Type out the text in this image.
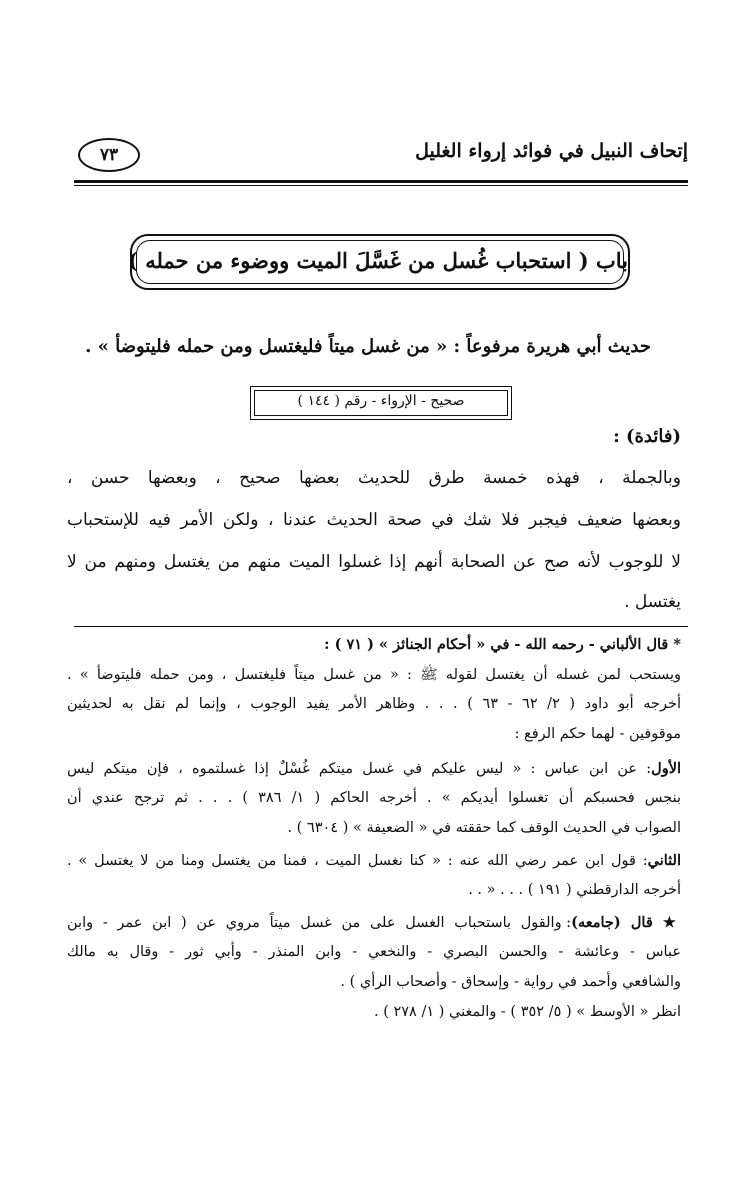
إتحاف النبيل في فوائد إرواء الغليل
٧٣
باب ( استحباب غُسل من غَسَّلَ الميت ووضوء من حمله )
حديث أبي هريرة مرفوعاً : « من غسل ميتاً فليغتسل ومن حمله فليتوضأ » .
صحيح - الإرواء - رقم ( ١٤٤ )
(فائدة) :
وبالجملة ، فهذه خمسة طرق للحديث بعضها صحيح ، وبعضها حسن ،
وبعضها ضعيف فيجبر فلا شك في صحة الحديث عندنا ، ولكن الأمر فيه للإستحباب
لا للوجوب لأنه صح عن الصحابة أنهم إذا غسلوا الميت منهم من يغتسل ومنهم من لا
يغتسل .
* قال الألباني - رحمه الله - في « أحكام الجنائز » ( ٧١ ) :
ويستحب لمن غسله أن يغتسل لقوله ﷺ : « من غسل ميتاً فليغتسل ، ومن حمله فليتوضأ » .
أخرجه أبو داود ( ٢/ ٦٢ - ٦٣ ) . . . وظاهر الأمر يفيد الوجوب ، وإنما لم نقل به لحديثين
موقوفين - لهما حكم الرفع :
الأول: عن ابن عباس : « ليس عليكم في غسل ميتكم غُسْلٌ إذا غسلتموه ، فإن ميتكم ليس
بنجس فحسبكم أن تغسلوا أيديكم » . أخرجه الحاكم ( ١/ ٣٨٦ ) . . . ثم ترجح عندي أن
الصواب في الحديث الوقف كما حققته في « الضعيفة » ( ٦٣٠٤ ) .
الثاني: قول ابن عمر رضي الله عنه : « كنا نغسل الميت ، فمنا من يغتسل ومنا من لا يغتسل » .
أخرجه الدارقطني ( ١٩١ ) . . . « . .
★ قال (جامعه): والقول باستحباب الغسل على من غسل ميتاً مروي عن ( ابن عمر - وابن
عباس - وعائشة - والحسن البصري - والنخعي - وابن المنذر - وأبي ثور - وقال به مالك
والشافعي وأحمد في رواية - وإسحاق - وأصحاب الرأي ) .
انظر « الأوسط » ( ٥/ ٣٥٢ ) - والمغني ( ١/ ٢٧٨ ) .
